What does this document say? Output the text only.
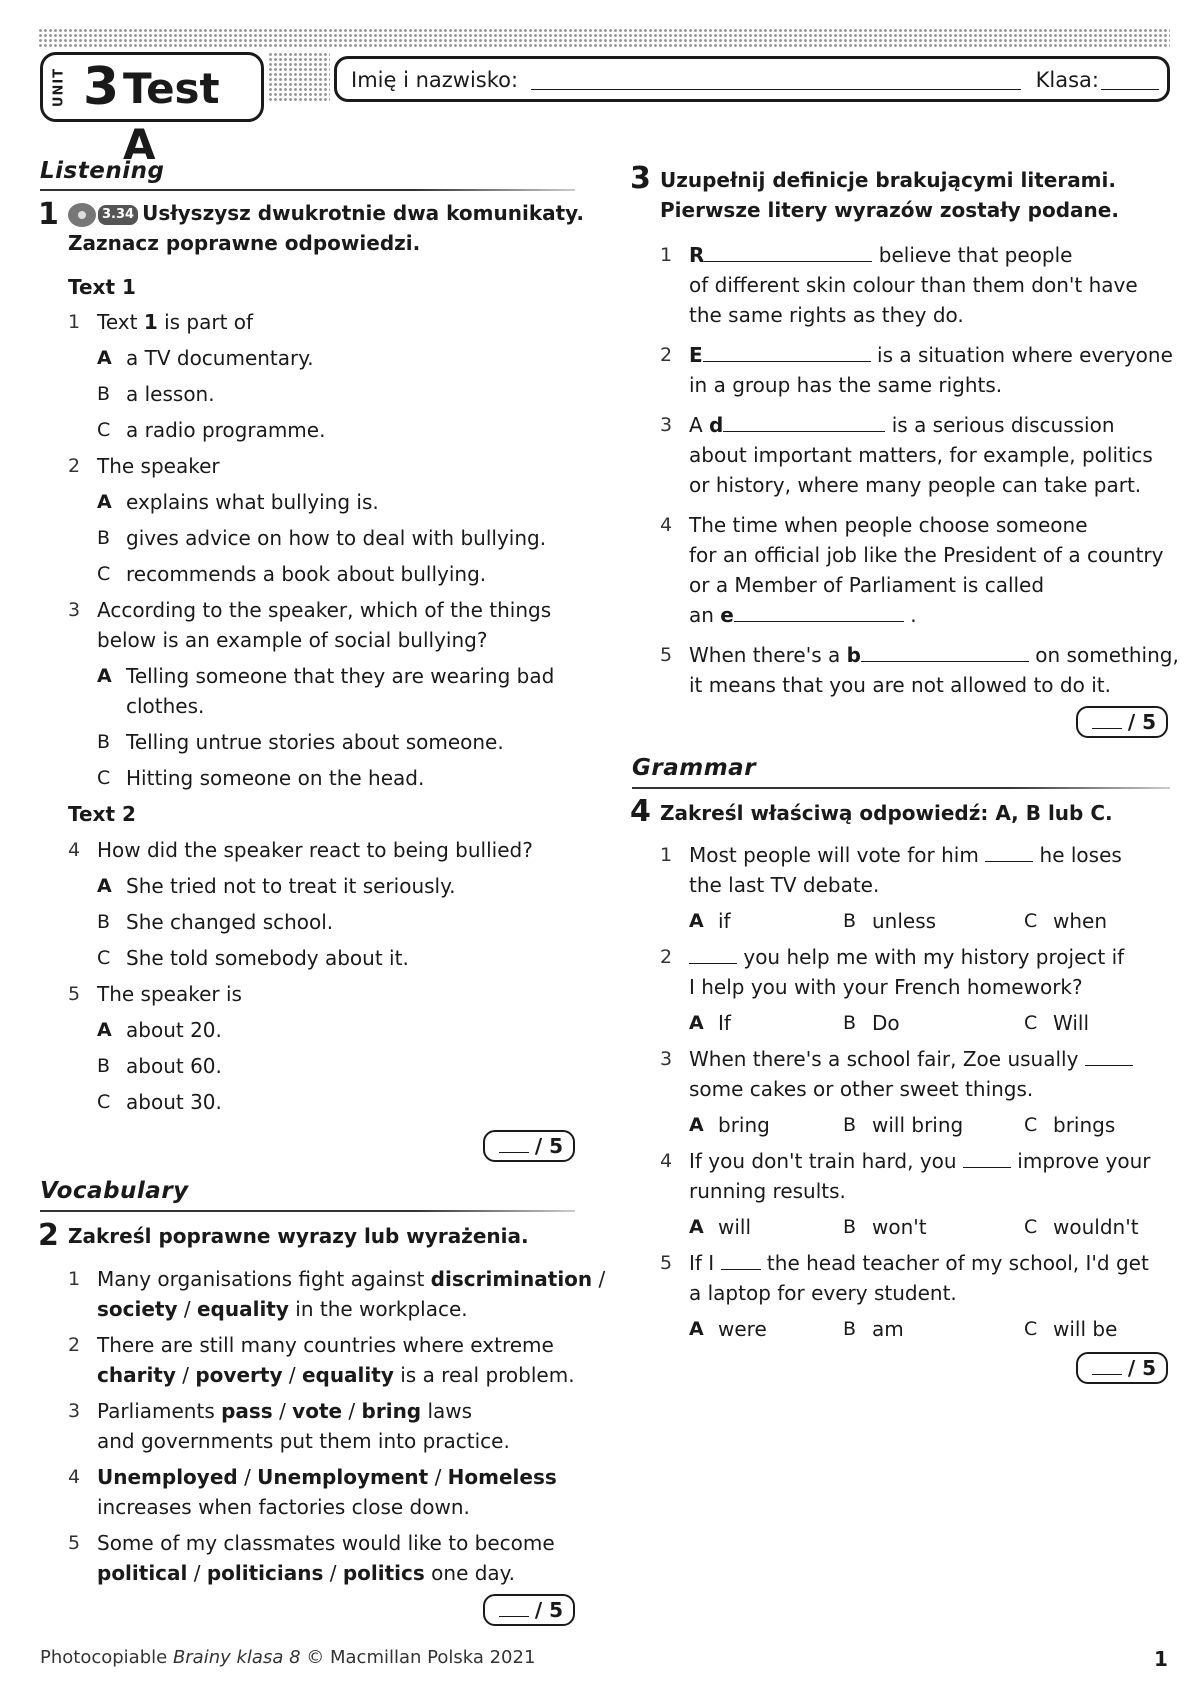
UNIT 3 Test A
Imię i nazwisko:	Klasa:
Listening
1	3.34 Usłyszysz dwukrotnie dwa komunikaty.
Zaznacz poprawne odpowiedzi.
Text 1
1 Text 1 is part of
A a TV documentary.
B a lesson.
C a radio programme.
2 The speaker
A explains what bullying is.
B gives advice on how to deal with bullying.
C recommends a book about bullying.
3 According to the speaker, which of the things
below is an example of social bullying?
A Telling someone that they are wearing bad
clothes.
B Telling untrue stories about someone.
C Hitting someone on the head.
Text 2
4 How did the speaker react to being bullied?
A She tried not to treat it seriously.
B She changed school.
C She told somebody about it.
5 The speaker is
A about 20.
B about 60.
C about 30.
/ 5
Vocabulary
2 Zakreśl poprawne wyrazy lub wyrażenia.
1 Many organisations fight against discrimination /
society / equality in the workplace.
2 There are still many countries where extreme
charity / poverty / equality is a real problem.
3 Parliaments pass / vote / bring laws
and governments put them into practice.
4 Unemployed / Unemployment / Homeless
increases when factories close down.
5 Some of my classmates would like to become
political / politicians / politics one day.
/ 5
3 Uzupełnij definicje brakującymi literami.
Pierwsze litery wyrazów zostały podane.
1 R	believe that people
of different skin colour than them don't have
the same rights as they do.
2 E	is a situation where everyone
in a group has the same rights.
3 A d	is a serious discussion
about important matters, for example, politics
or history, where many people can take part.
4 The time when people choose someone
for an official job like the President of a country
or a Member of Parliament is called
an e	.
5 When there's a b	on something,
it means that you are not allowed to do it.
/ 5
Grammar
4 Zakreśl właściwą odpowiedź: A, B lub C.
1 Most people will vote for him  he loses
the last TV debate.
A if	B unless	C when
2	you help me with my history project if
I help you with your French homework?
A If	B Do	C Will
3 When there's a school fair, Zoe usually
some cakes or other sweet things.
A bring	B will bring	C brings
4 If you don't train hard, you  improve your
running results.
A will	B won't	C wouldn't
5 If I  the head teacher of my school, I'd get
a laptop for every student.
A were	B am	C will be
/ 5
Photocopiable Brainy klasa 8 © Macmillan Polska 2021	1
